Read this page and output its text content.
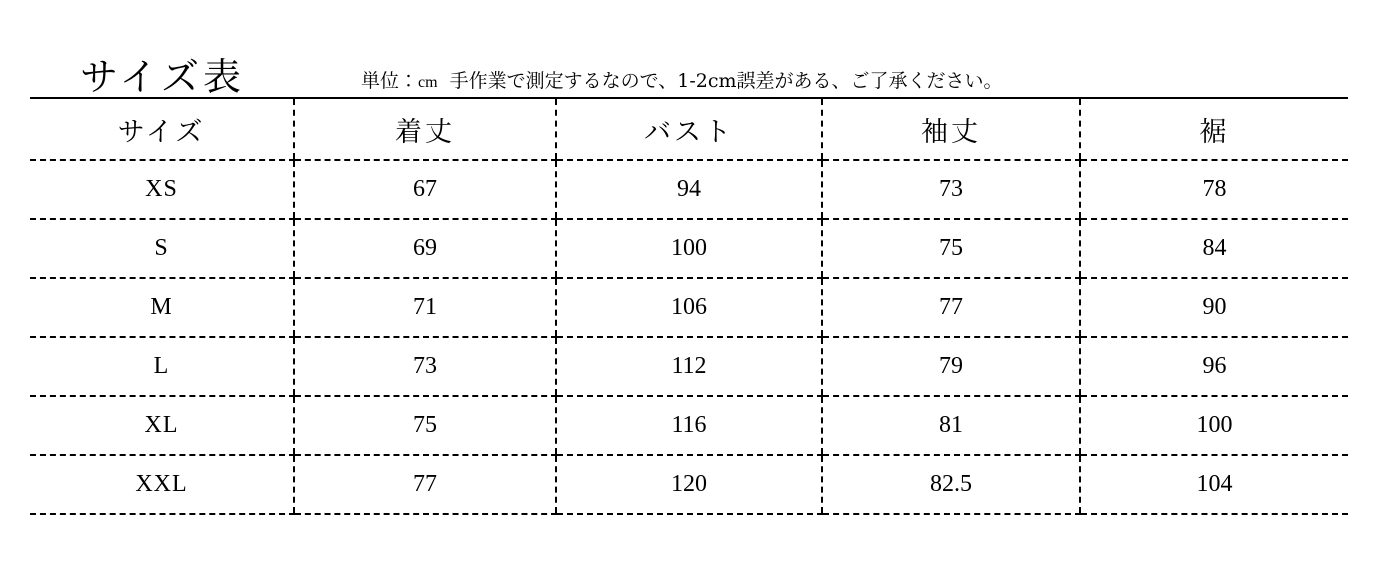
サイズ表	単位：cm 手作業で測定するなので、1-2cm誤差がある、ご了承ください。
サイズ	着丈	バスト	袖丈	裾
XS	67	94	73	78
S	69	100	75	84
M	71	106	77	90
L	73	112	79	96
XL	75	116	81	100
XXL	77	120	82.5	104
